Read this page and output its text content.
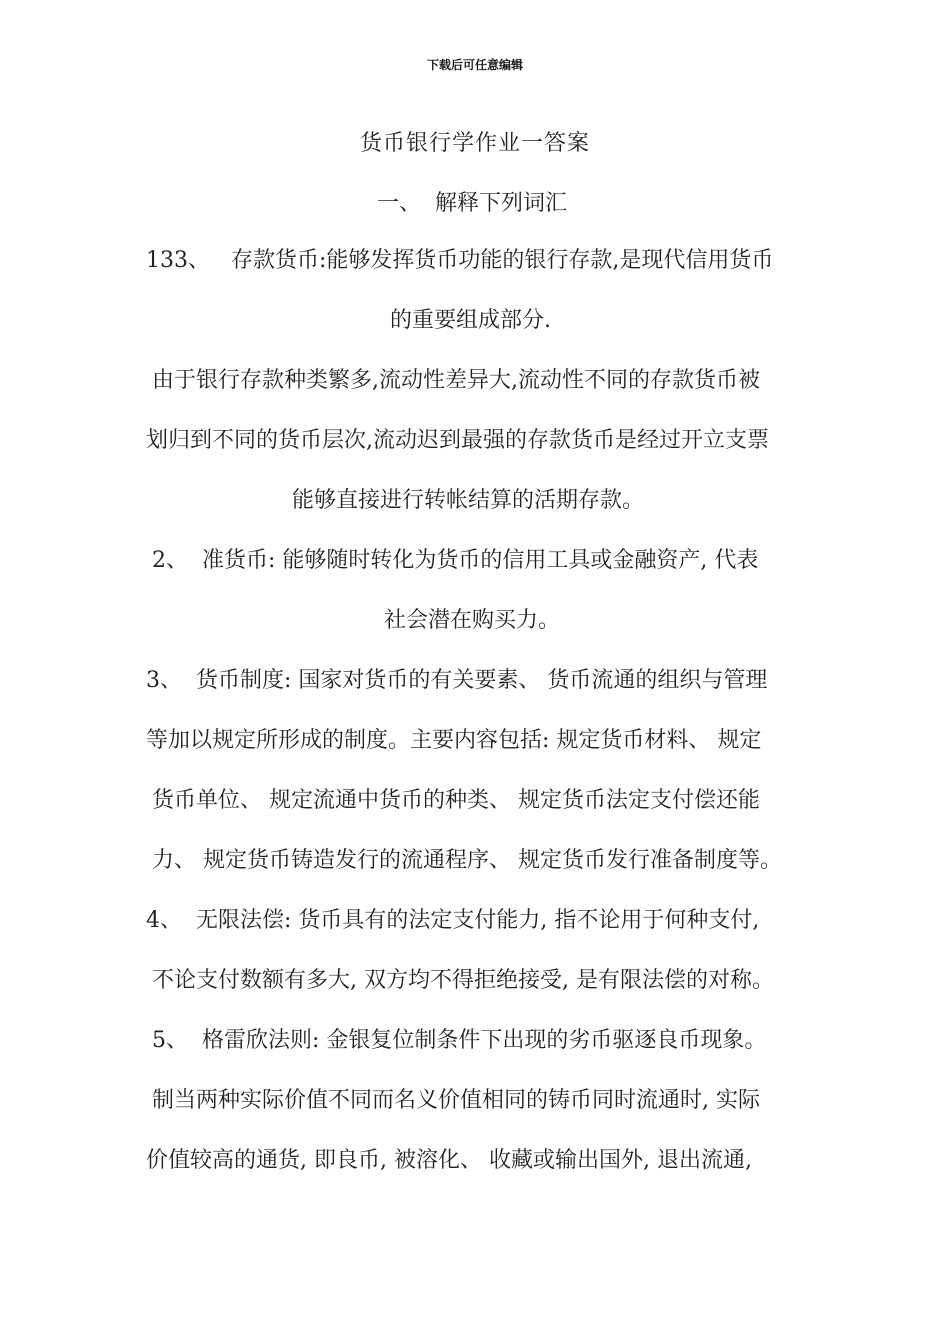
下载后可任意编辑
货币银行学作业一答案
一、  解释下列词汇
133、   存款货币:能够发挥货币功能的银行存款,是现代信用货币
的重要组成部分.
由于银行存款种类繁多,流动性差异大,流动性不同的存款货币被
划归到不同的货币层次,流动迟到最强的存款货币是经过开立支票
能够直接进行转帐结算的活期存款。
2、  准货币: 能够随时转化为货币的信用工具或金融资产, 代表
社会潜在购买力。
3、  货币制度: 国家对货币的有关要素、 货币流通的组织与管理
等加以规定所形成的制度。主要内容包括: 规定货币材料、 规定
货币单位、 规定流通中货币的种类、 规定货币法定支付偿还能
力、 规定货币铸造发行的流通程序、 规定货币发行准备制度等。
4、  无限法偿: 货币具有的法定支付能力, 指不论用于何种支付,
不论支付数额有多大, 双方均不得拒绝接受, 是有限法偿的对称。
5、  格雷欣法则: 金银复位制条件下出现的劣币驱逐良币现象。
制当两种实际价值不同而名义价值相同的铸币同时流通时, 实际
价值较高的通货, 即良币, 被溶化、 收藏或输出国外, 退出流通,
